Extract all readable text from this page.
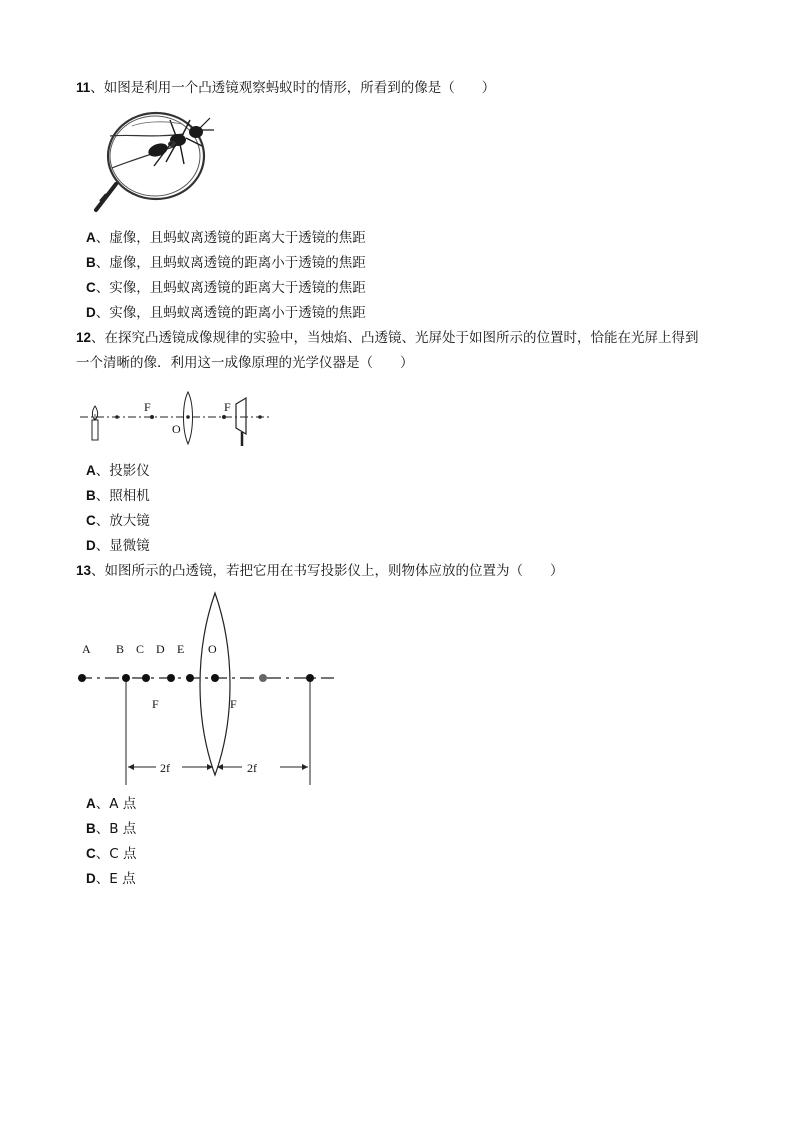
11、如图是利用一个凸透镜观察蚂蚁时的情形，所看到的像是（　　）
A、虚像，且蚂蚁离透镜的距离大于透镜的焦距
B、虚像，且蚂蚁离透镜的距离小于透镜的焦距
C、实像，且蚂蚁离透镜的距离大于透镜的焦距
D、实像，且蚂蚁离透镜的距离小于透镜的焦距
12、在探究凸透镜成像规律的实验中，当烛焰、凸透镜、光屏处于如图所示的位置时，恰能在光屏上得到
一个清晰的像．利用这一成像原理的光学仪器是（　　）
F
O
F
A、投影仪
B、照相机
C、放大镜
D、显微镜
13、如图所示的凸透镜，若把它用在书写投影仪上，则物体应放的位置为（　　）
A B C D E O
F	F
2f	2f
A、A 点
B、B 点
C、C 点
D、E 点
